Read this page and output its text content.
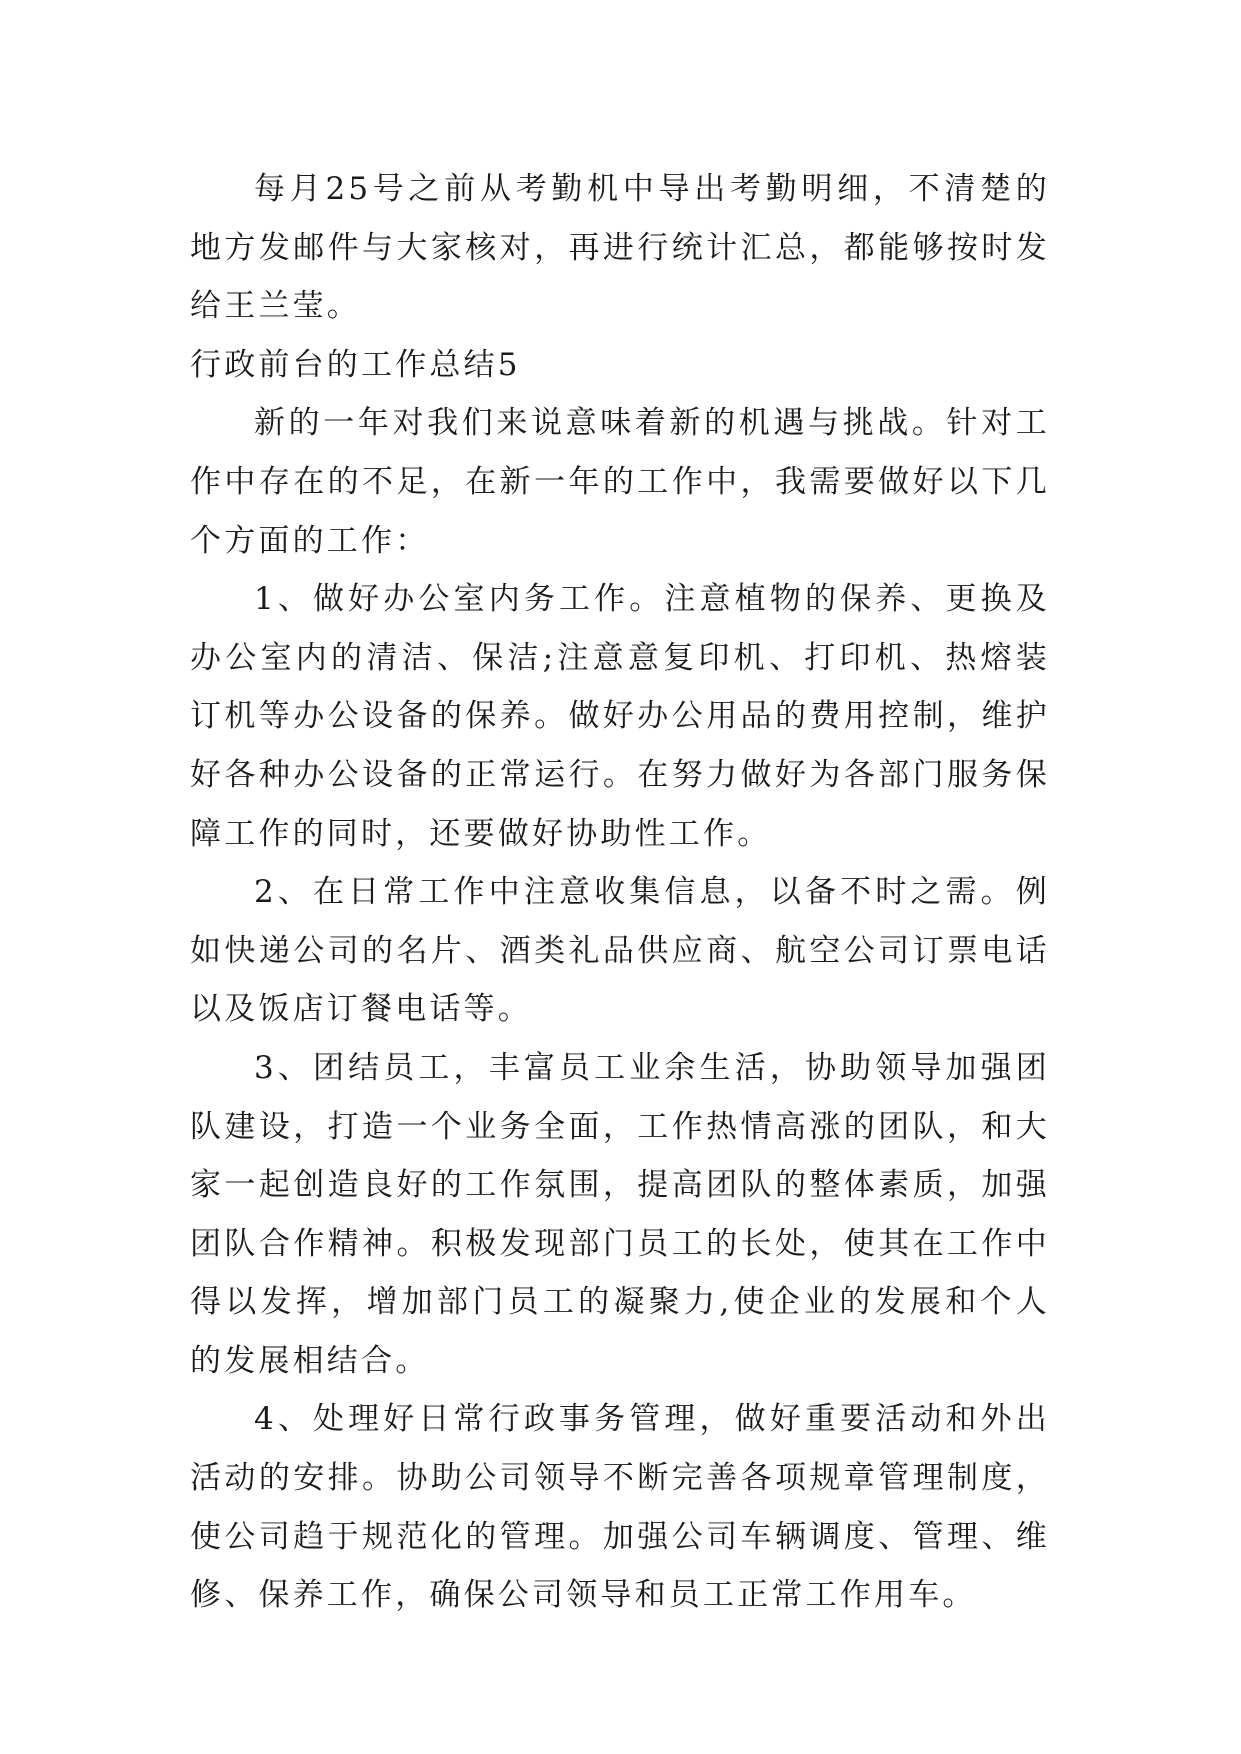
每月25号之前从考勤机中导出考勤明细，不清楚的地方发邮件与大家核对，再进行统计汇总，都能够按时发给王兰莹。

行政前台的工作总结5

新的一年对我们来说意味着新的机遇与挑战。针对工作中存在的不足，在新一年的工作中，我需要做好以下几个方面的工作：

1、做好办公室内务工作。注意植物的保养、更换及办公室内的清洁、保洁;注意意复印机、打印机、热熔装订机等办公设备的保养。做好办公用品的费用控制，维护好各种办公设备的正常运行。在努力做好为各部门服务保障工作的同时，还要做好协助性工作。

2、在日常工作中注意收集信息，以备不时之需。例如快递公司的名片、酒类礼品供应商、航空公司订票电话以及饭店订餐电话等。

3、团结员工，丰富员工业余生活，协助领导加强团队建设，打造一个业务全面，工作热情高涨的团队，和大家一起创造良好的工作氛围，提高团队的整体素质，加强团队合作精神。积极发现部门员工的长处，使其在工作中得以发挥，增加部门员工的凝聚力,使企业的发展和个人的发展相结合。

4、处理好日常行政事务管理，做好重要活动和外出活动的安排。协助公司领导不断完善各项规章管理制度，使公司趋于规范化的管理。加强公司车辆调度、管理、维修、保养工作，确保公司领导和员工正常工作用车。
